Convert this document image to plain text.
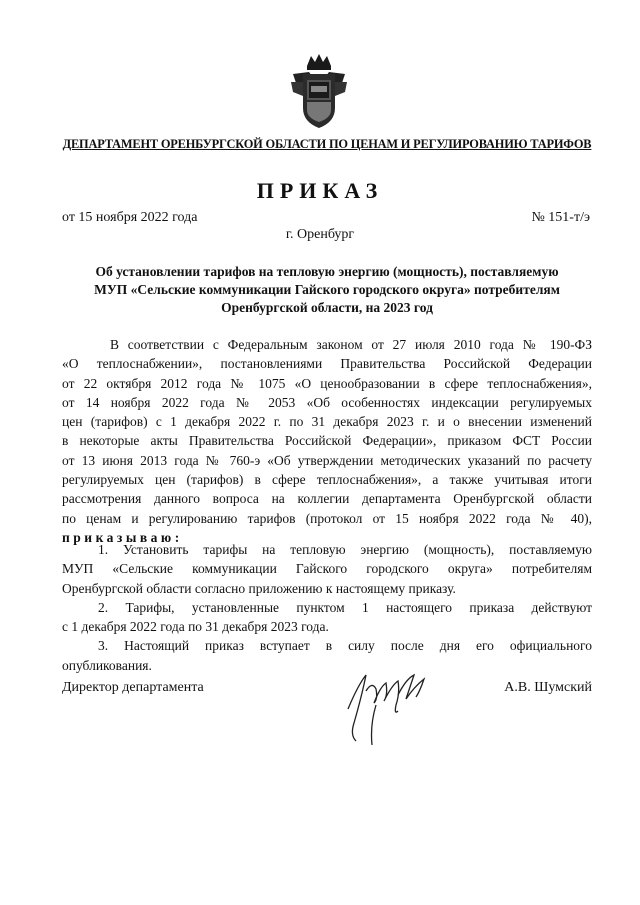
ДЕПАРТАМЕНТ ОРЕНБУРГСКОЙ ОБЛАСТИ ПО ЦЕНАМ И РЕГУЛИРОВАНИЮ ТАРИФОВ
ПРИКАЗ
от 15 ноября 2022 года	№ 151-т/э
г. Оренбург
Об установлении тарифов на тепловую энергию (мощность), поставляемую
МУП «Сельские коммуникации Гайского городского округа» потребителям
Оренбургской области, на 2023 год
В соответствии с Федеральным законом от 27 июля 2010 года № 190-ФЗ
«О теплоснабжении», постановлениями Правительства Российской Федерации
от 22 октября 2012 года № 1075 «О ценообразовании в сфере теплоснабжения»,
от 14 ноября 2022 года № 2053 «Об особенностях индексации регулируемых
цен (тарифов) с 1 декабря 2022 г. по 31 декабря 2023 г. и о внесении изменений
в некоторые акты Правительства Российской Федерации», приказом ФСТ России
от 13 июня 2013 года № 760-э «Об утверждении методических указаний по расчету
регулируемых цен (тарифов) в сфере теплоснабжения», а также учитывая итоги
рассмотрения данного вопроса на коллегии департамента Оренбургской области
по ценам и регулированию тарифов (протокол от 15 ноября 2022 года № 40),
приказываю:
1. Установить тарифы на тепловую энергию (мощность), поставляемую
МУП «Сельские коммуникации Гайского городского округа» потребителям
Оренбургской области согласно приложению к настоящему приказу.
2. Тарифы, установленные пунктом 1 настоящего приказа действуют
с 1 декабря 2022 года по 31 декабря 2023 года.
3. Настоящий приказ вступает в силу после дня его официального
опубликования.
Директор департамента	А.В. Шумский
